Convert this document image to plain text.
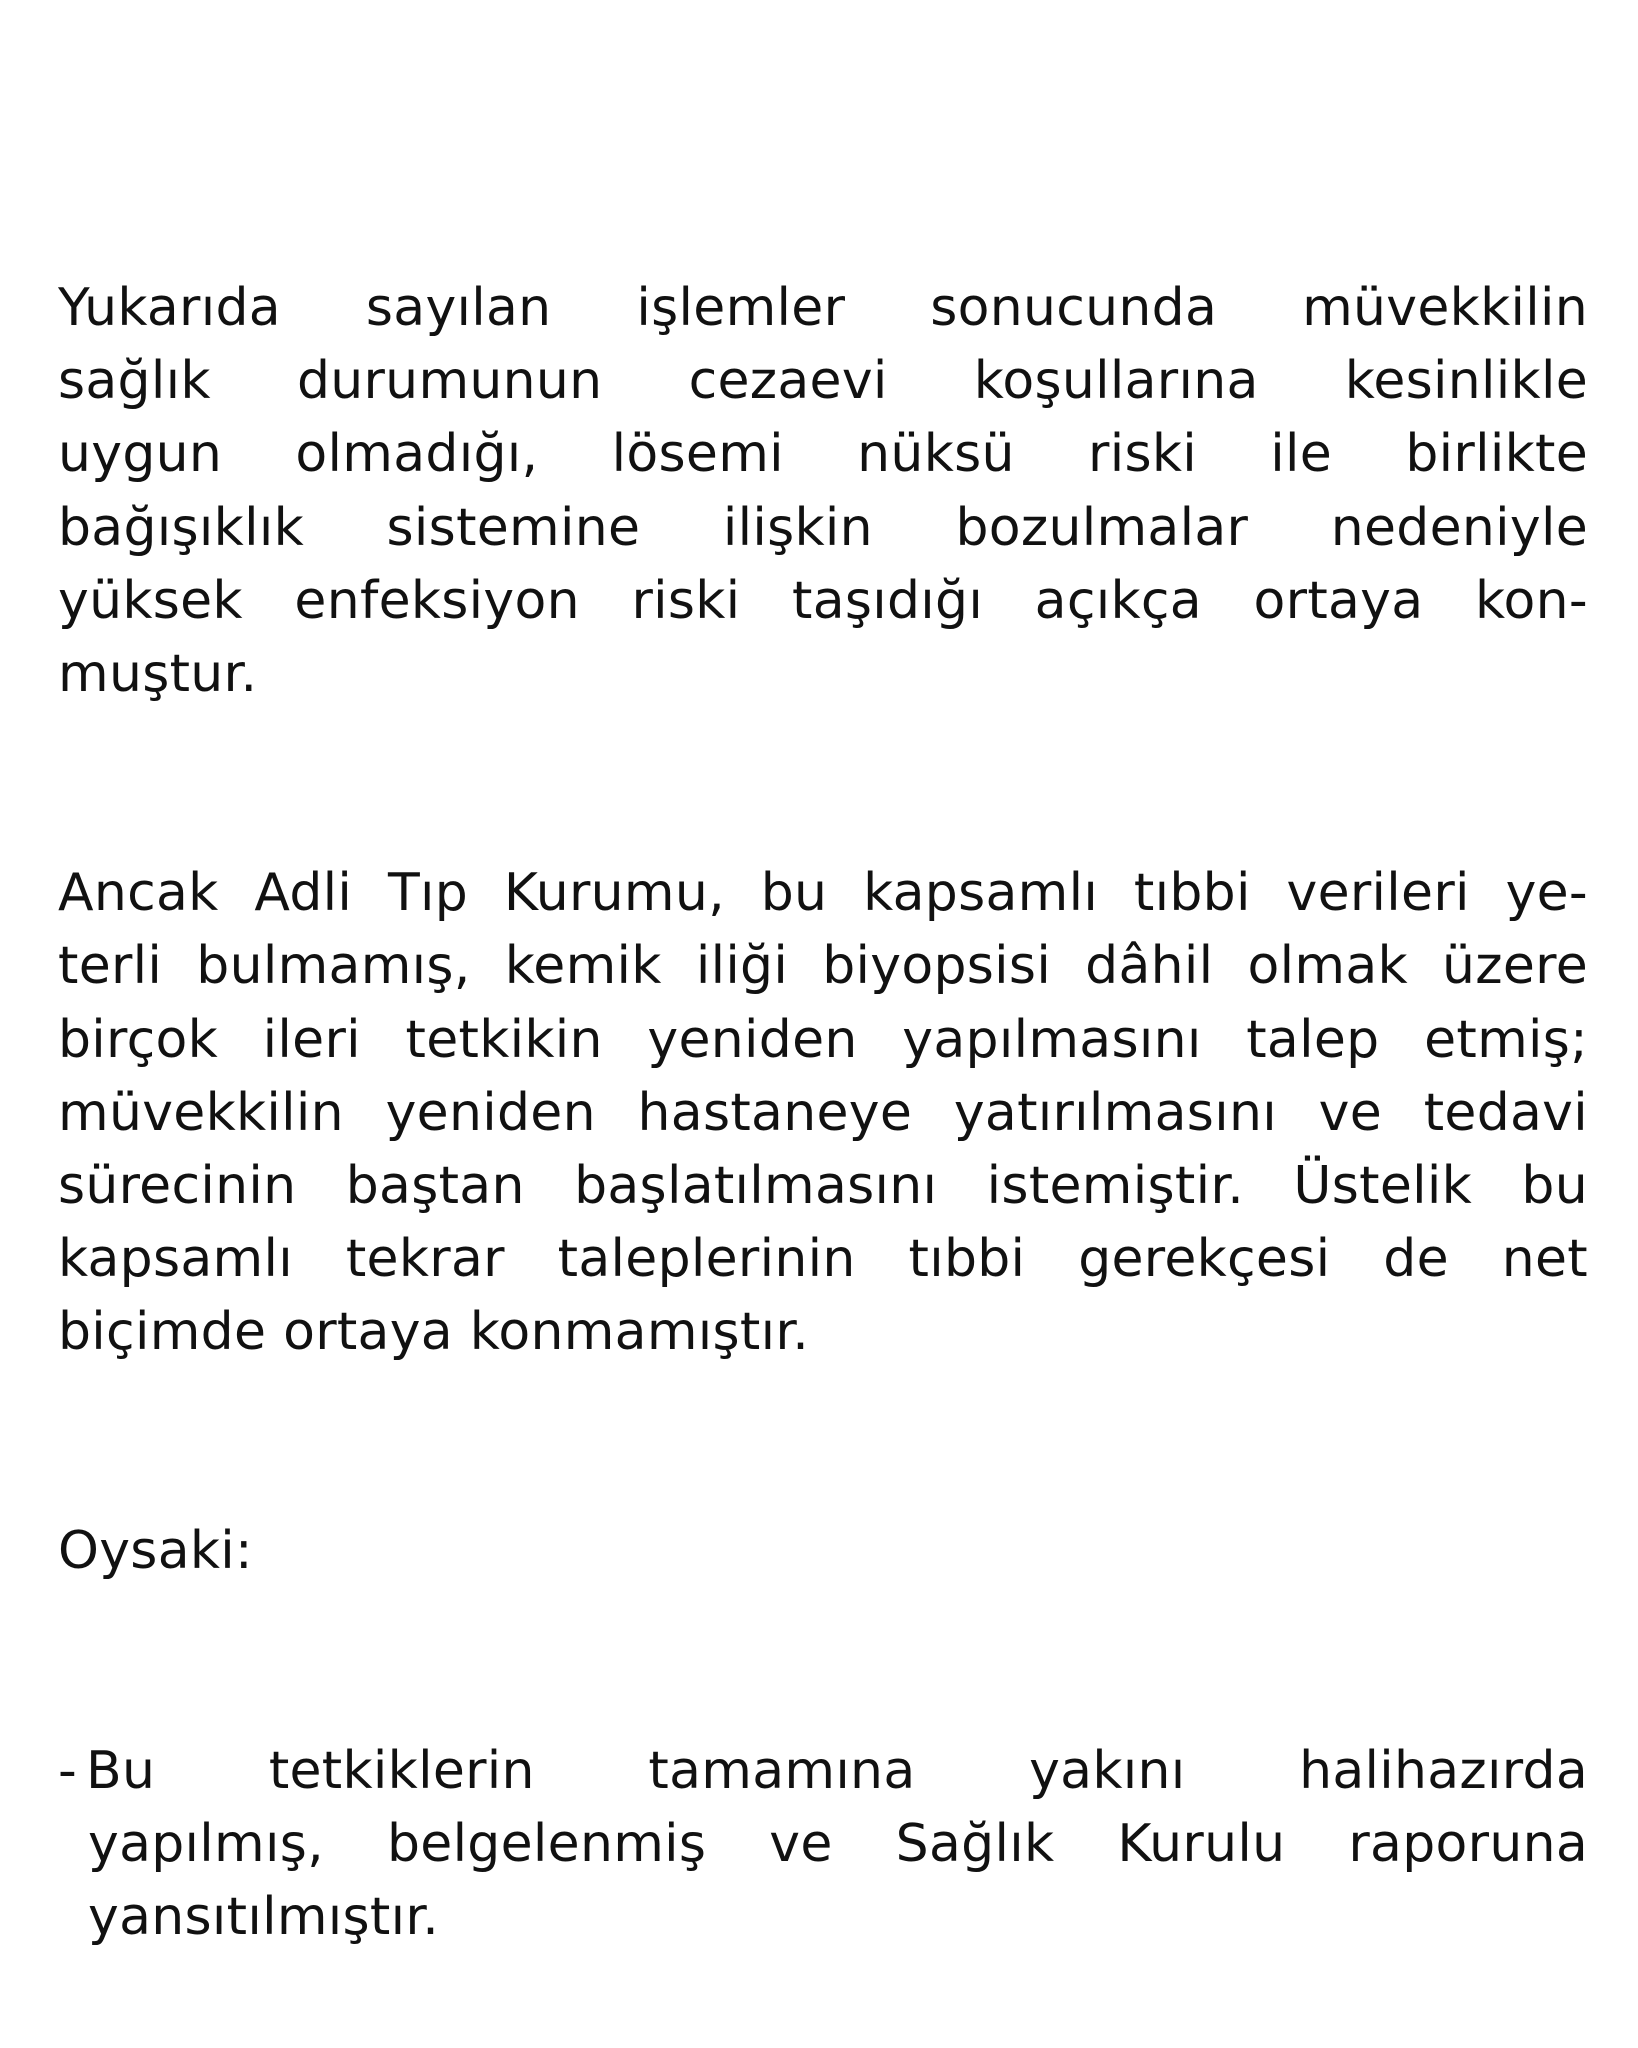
Yukarıda sayılan işlemler sonucunda müvekkilin
sağlık durumunun cezaevi koşullarına kesinlikle
uygun olmadığı, lösemi nüksü riski ile birlikte
bağışıklık sistemine ilişkin bozulmalar nedeniyle
yüksek enfeksiyon riski taşıdığı açıkça ortaya kon-
muştur.

Ancak Adli Tıp Kurumu, bu kapsamlı tıbbi verileri ye-
terli bulmamış, kemik iliği biyopsisi dâhil olmak üzere
birçok ileri tetkikin yeniden yapılmasını talep etmiş;
müvekkilin yeniden hastaneye yatırılmasını ve tedavi
sürecinin baştan başlatılmasını istemiştir. Üstelik bu
kapsamlı tekrar taleplerinin tıbbi gerekçesi de net
biçimde ortaya konmamıştır.

Oysaki:

- Bu tetkiklerin tamamına yakını halihazırda
yapılmış, belgelenmiş ve Sağlık Kurulu raporuna
yansıtılmıştır.
